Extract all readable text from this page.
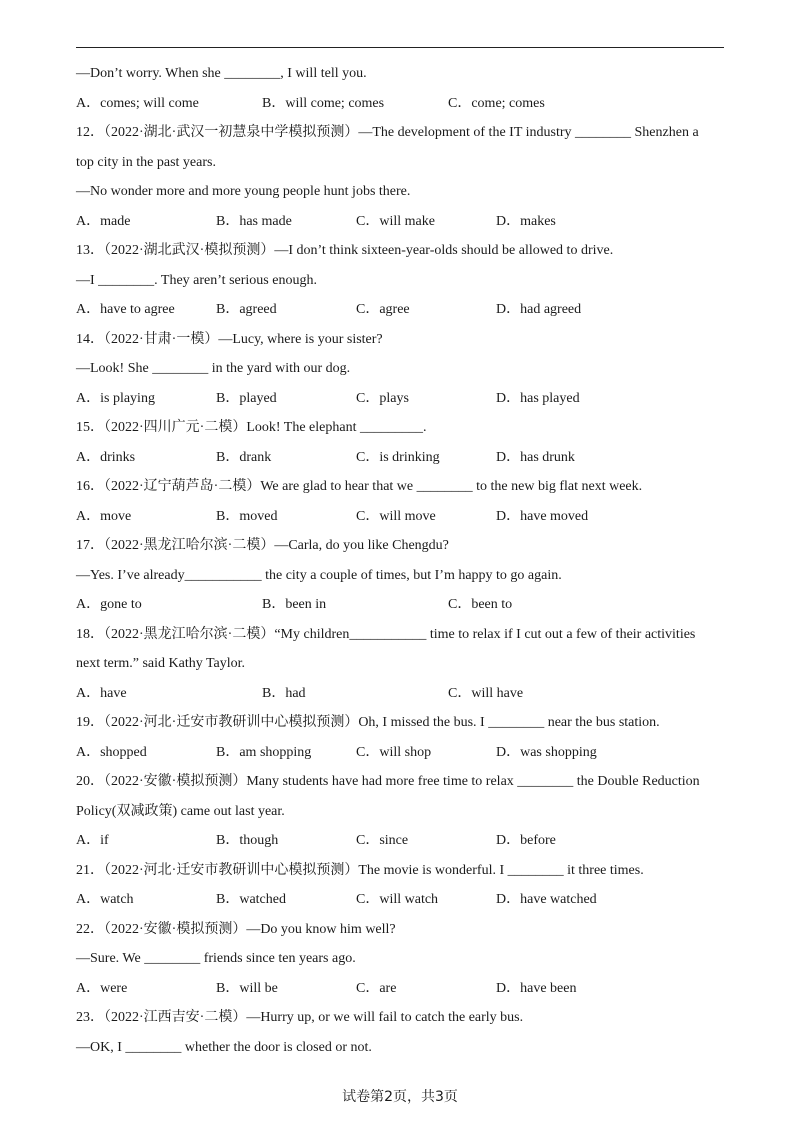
—Don’t worry. When she ________, I will tell you.
A．comes; will come	B．will come; comes	C．come; comes
12．（2022·湖北·武汉一初慧泉中学模拟预测）—The development of the IT industry ________ Shenzhen a
top city in the past years.
—No wonder more and more young people hunt jobs there.
A．made	B．has made	C．will make	D．makes
13．（2022·湖北武汉·模拟预测）—I don’t think sixteen-year-olds should be allowed to drive.
—I ________. They aren’t serious enough.
A．have to agree	B．agreed	C．agree	D．had agreed
14．（2022·甘肃·一模）—Lucy, where is your sister?
—Look! She ________ in the yard with our dog.
A．is playing	B．played	C．plays	D．has played
15．（2022·四川广元·二模）Look! The elephant _________.
A．drinks	B．drank	C．is drinking	D．has drunk
16．（2022·辽宁葫芦岛·二模）We are glad to hear that we ________ to the new big flat next week.
A．move	B．moved	C．will move	D．have moved
17．（2022·黑龙江哈尔滨·二模）—Carla, do you like Chengdu?
—Yes. I’ve already___________ the city a couple of times, but I’m happy to go again.
A．gone to	B．been in	C．been to
18．（2022·黑龙江哈尔滨·二模）“My children___________ time to relax if I cut out a few of their activities
next term.” said Kathy Taylor.
A．have	B．had	C．will have
19．（2022·河北·迁安市教研训中心模拟预测）Oh, I missed the bus. I ________ near the bus station.
A．shopped	B．am shopping	C．will shop	D．was shopping
20．（2022·安徽·模拟预测）Many students have had more free time to relax ________ the Double Reduction
Policy(双减政策) came out last year.
A．if	B．though	C．since	D．before
21．（2022·河北·迁安市教研训中心模拟预测）The movie is wonderful. I ________ it three times.
A．watch	B．watched	C．will watch	D．have watched
22．（2022·安徽·模拟预测）—Do you know him well?
—Sure. We ________ friends since ten years ago.
A．were	B．will be	C．are	D．have been
23．（2022·江西吉安·二模）—Hurry up, or we will fail to catch the early bus.
—OK, I ________ whether the door is closed or not.
试卷第2页，共3页
